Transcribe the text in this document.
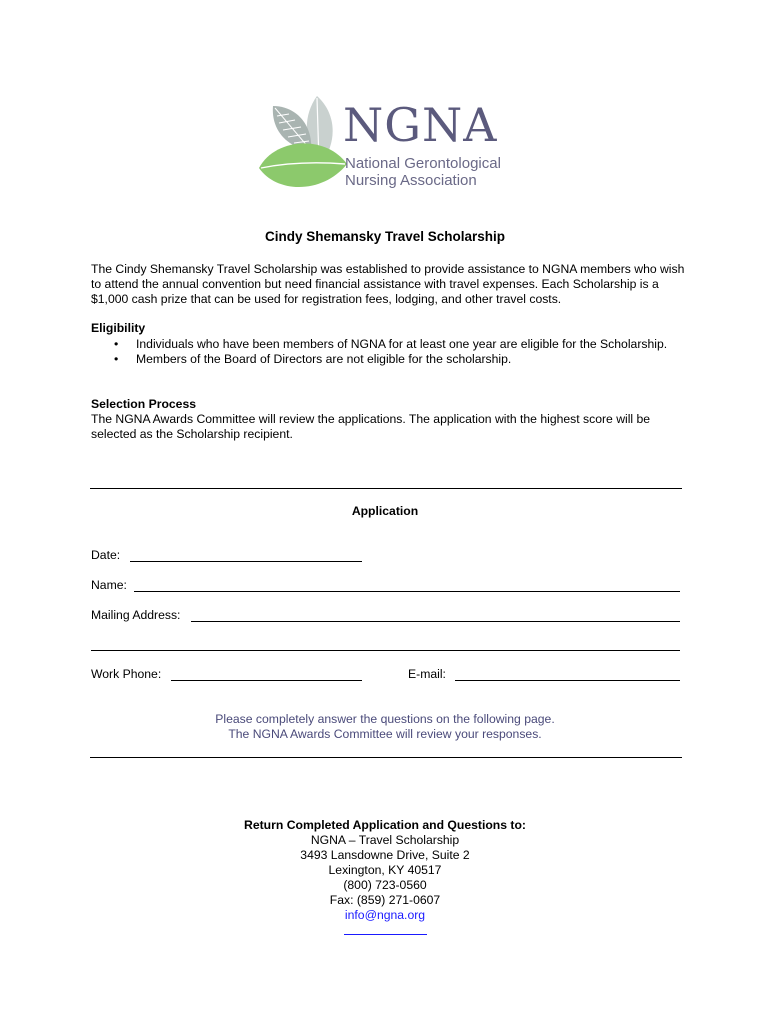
NGNA
National Gerontological
Nursing Association
Cindy Shemansky Travel Scholarship
The Cindy Shemansky Travel Scholarship was established to provide assistance to NGNA members who wish to attend the annual convention but need financial assistance with travel expenses. Each Scholarship is a $1,000 cash prize that can be used for registration fees, lodging, and other travel costs.
Eligibility
• Individuals who have been members of NGNA for at least one year are eligible for the Scholarship.
• Members of the Board of Directors are not eligible for the scholarship.
Selection Process
The NGNA Awards Committee will review the applications. The application with the highest score will be selected as the Scholarship recipient.
Application
Date:
Name:
Mailing Address:
Work Phone:	E-mail:
Please completely answer the questions on the following page.
The NGNA Awards Committee will review your responses.
Return Completed Application and Questions to:
NGNA – Travel Scholarship
3493 Lansdowne Drive, Suite 2
Lexington, KY 40517
(800) 723-0560
Fax: (859) 271-0607
info@ngna.org
